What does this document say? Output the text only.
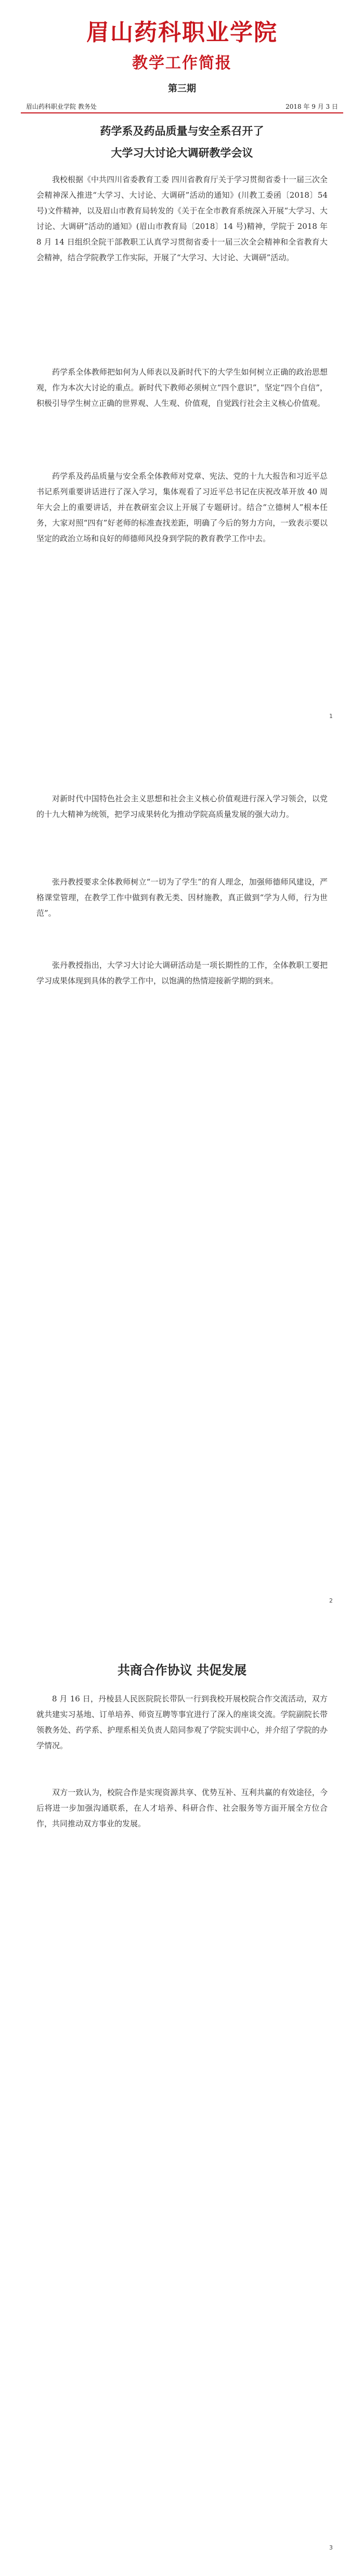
眉山药科职业学院
教学工作简报

第三期

眉山药科职业学院 教务处	2018 年 9 月 3 日
药学系及药品质量与安全系召开了
大学习大讨论大调研教学会议

我校根据《中共四川省委教育工委 四川省教育厅关于学习贯彻省委十一届三次全会精神深入推进“大学习、大讨论、大调研”活动的通知》(川教工委函〔2018〕54 号)文件精神，以及眉山市教育局转发的《关于在全市教育系统深入开展“大学习、大讨论、大调研”活动的通知》(眉山市教育局〔2018〕14 号)精神，学院于 2018 年 8 月 14 日组织全院干部教职工认真学习贯彻省委十一届三次全会精神和全省教育大会精神，结合学院教学工作实际，开展了“大学习、大讨论、大调研”活动。

药学系全体教师把如何为人师表以及新时代下的大学生如何树立正确的政治思想观，作为本次大讨论的重点。新时代下教师必须树立“四个意识”，坚定“四个自信”，积极引导学生树立正确的世界观、人生观、价值观，自觉践行社会主义核心价值观。

药学系及药品质量与安全系全体教师对党章、宪法、党的十九大报告和习近平总书记系列重要讲话进行了深入学习，集体观看了习近平总书记在庆祝改革开放 40 周年大会上的重要讲话，并在教研室会议上开展了专题研讨。结合“立德树人”根本任务，大家对照“四有”好老师的标准查找差距，明确了今后的努力方向，一致表示要以坚定的政治立场和良好的师德师风投身到学院的教育教学工作中去。

1

对新时代中国特色社会主义思想和社会主义核心价值观进行深入学习领会，以党的十九大精神为统领，把学习成果转化为推动学院高质量发展的强大动力。

张丹教授要求全体教师树立“一切为了学生”的育人理念，加强师德师风建设，严格课堂管理，在教学工作中做到有教无类、因材施教，真正做到“学为人师，行为世范”。

张丹教授指出，大学习大讨论大调研活动是一项长期性的工作，全体教职工要把学习成果体现到具体的教学工作中，以饱满的热情迎接新学期的到来。

2
共商合作协议 共促发展

8 月 16 日，丹棱县人民医院院长带队一行到我校开展校院合作交流活动，双方就共建实习基地、订单培养、师资互聘等事宜进行了深入的座谈交流。学院副院长带领教务处、药学系、护理系相关负责人陪同参观了学院实训中心，并介绍了学院的办学情况。

双方一致认为，校院合作是实现资源共享、优势互补、互利共赢的有效途径，今后将进一步加强沟通联系，在人才培养、科研合作、社会服务等方面开展全方位合作，共同推动双方事业的发展。

3
